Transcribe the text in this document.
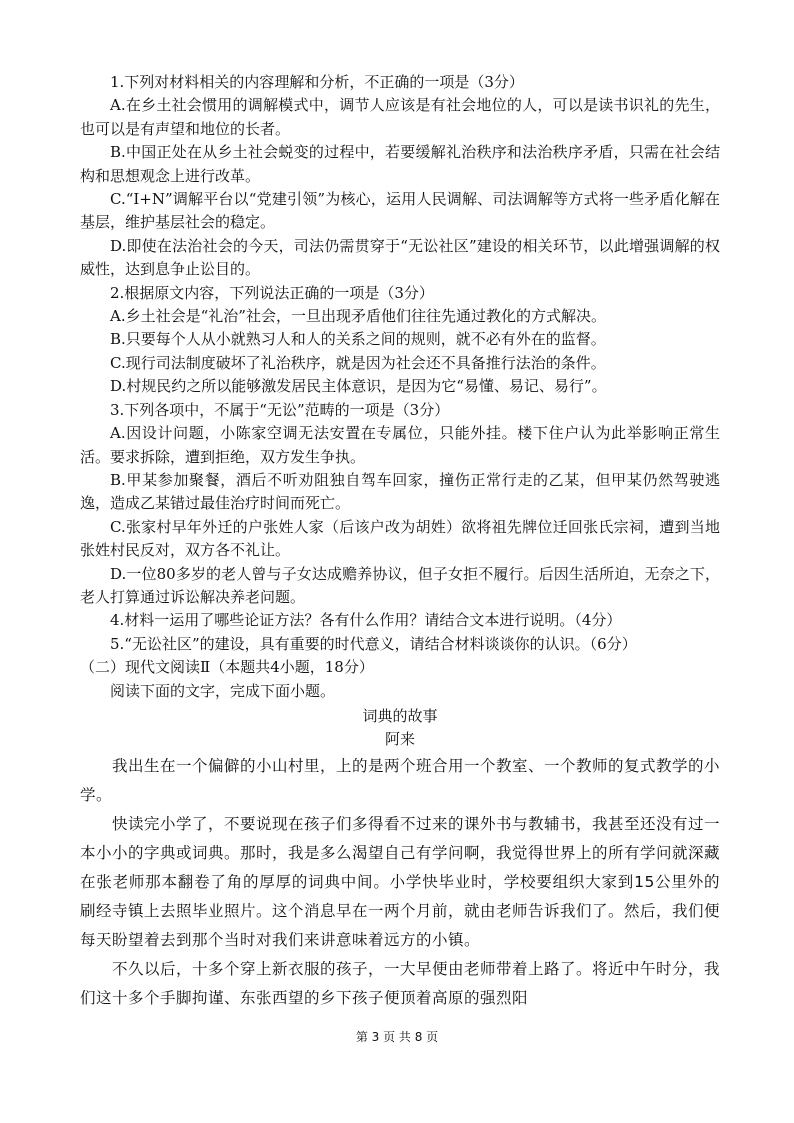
1.下列对材料相关的内容理解和分析，不正确的一项是（3分）

A.在乡土社会惯用的调解模式中，调节人应该是有社会地位的人，可以是读书识礼的先生，也可以是有声望和地位的长者。

B.中国正处在从乡土社会蜕变的过程中，若要缓解礼治秩序和法治秩序矛盾，只需在社会结构和思想观念上进行改革。

C.“I+N”调解平台以“党建引领”为核心，运用人民调解、司法调解等方式将一些矛盾化解在基层，维护基层社会的稳定。

D.即使在法治社会的今天，司法仍需贯穿于“无讼社区”建设的相关环节，以此增强调解的权威性，达到息争止讼目的。

2.根据原文内容，下列说法正确的一项是（3分）

A.乡土社会是“礼治”社会，一旦出现矛盾他们往往先通过教化的方式解决。

B.只要每个人从小就熟习人和人的关系之间的规则，就不必有外在的监督。

C.现行司法制度破坏了礼治秩序，就是因为社会还不具备推行法治的条件。

D.村规民约之所以能够激发居民主体意识，是因为它“易懂、易记、易行”。

3.下列各项中，不属于“无讼”范畴的一项是（3分）

A.因设计问题，小陈家空调无法安置在专属位，只能外挂。楼下住户认为此举影响正常生活。要求拆除，遭到拒绝，双方发生争执。

B.甲某参加聚餐，酒后不听劝阻独自驾车回家，撞伤正常行走的乙某，但甲某仍然驾驶逃逸，造成乙某错过最佳治疗时间而死亡。

C.张家村早年外迁的户张姓人家（后该户改为胡姓）欲将祖先牌位迁回张氏宗祠，遭到当地张姓村民反对，双方各不礼让。

D.一位80多岁的老人曾与子女达成赡养协议，但子女拒不履行。后因生活所迫，无奈之下，老人打算通过诉讼解决养老问题。

4.材料一运用了哪些论证方法？各有什么作用？请结合文本进行说明。（4分）

5.“无讼社区”的建设，具有重要的时代意义，请结合材料谈谈你的认识。（6分）

（二）现代文阅读Ⅱ（本题共4小题，18分）

阅读下面的文字，完成下面小题。

词典的故事

阿来

我出生在一个偏僻的小山村里，上的是两个班合用一个教室、一个教师的复式教学的小学。

快读完小学了，不要说现在孩子们多得看不过来的课外书与教辅书，我甚至还没有过一本小小的字典或词典。那时，我是多么渴望自己有学问啊，我觉得世界上的所有学问就深藏在张老师那本翻卷了角的厚厚的词典中间。小学快毕业时，学校要组织大家到15公里外的刷经寺镇上去照毕业照片。这个消息早在一两个月前，就由老师告诉我们了。然后，我们便每天盼望着去到那个当时对我们来讲意味着远方的小镇。

不久以后，十多个穿上新衣服的孩子，一大早便由老师带着上路了。将近中午时分，我们这十多个手脚拘谨、东张西望的乡下孩子便顶着高原的强烈阳

第 3 页 共 8 页
